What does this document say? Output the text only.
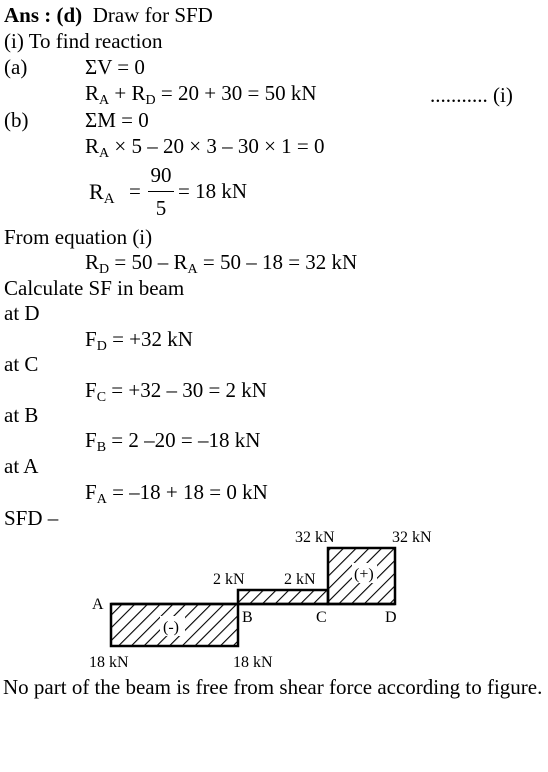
Ans : (d) Draw for SFD
(i) To find reaction
(a)	ΣV = 0
$R_A + R_D = 20 + 30 = 50$ kN	........... (i)
(b)	ΣM = 0
$R_A \times 5 - 20 \times 3 - 30 \times 1 = 0$
$R_A$ =
90
5
= 18 kN
From equation (i)
$R_D = 50 - R_A = 50 - 18 = 32$ kN
Calculate SF in beam
at D
$F_D = +32$ kN
at C
$F_C = +32 - 30 = 2$ kN
at B
$F_B = 2$ –20 = –18 kN
at A
$F_A = -18 + 18 = 0$ kN
SFD –
32 kN	32 kN
2 kN 2 kN (+)
(-)
A
B	C	D
18 kN	18 kN
No part of the beam is free from shear force according to figure.
